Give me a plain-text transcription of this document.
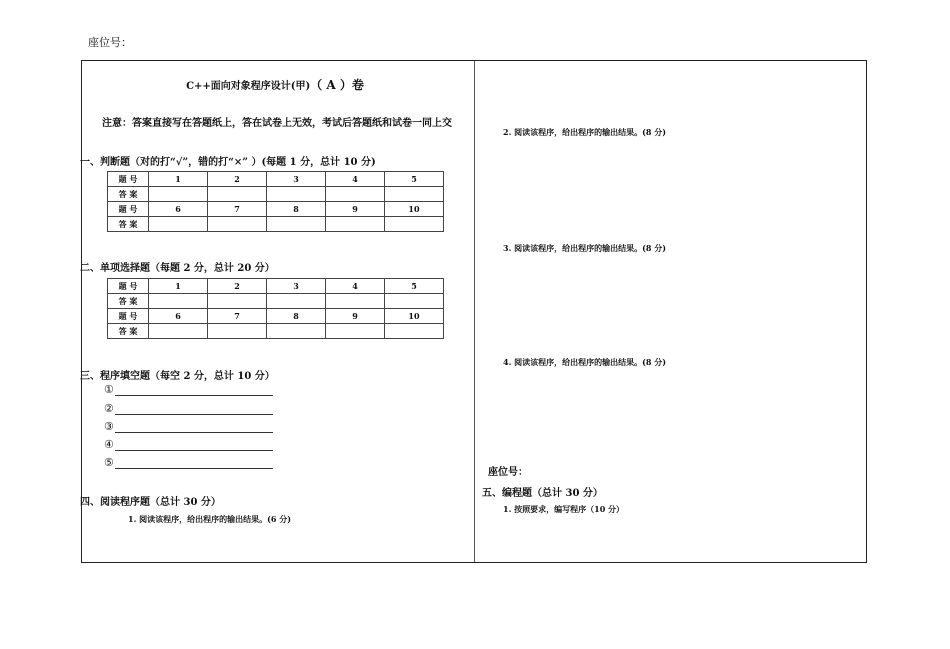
座位号：
C++面向对象程序设计(甲)（ A ）卷
注意：答案直接写在答题纸上，答在试卷上无效，考试后答题纸和试卷一同上交
一、判断题（对的打“√”，错的打“×” ）(每题 1 分，总计 10 分)
题 号	1	2	3	4	5
答 案					
题 号	6	7	8	9	10
答 案					
二、单项选择题（每题 2 分，总计 20 分）
题 号	1	2	3	4	5
答 案					
题 号	6	7	8	9	10
答 案					
三、程序填空题（每空 2 分，总计 10 分）
①
②
③
④
⑤
四、阅读程序题（总计 30 分）
1. 阅读该程序，给出程序的输出结果。(6 分)
2. 阅读该程序，给出程序的输出结果。(8 分)
3. 阅读该程序，给出程序的输出结果。(8 分)
4. 阅读该程序，给出程序的输出结果。(8 分)
座位号：
五、编程题（总计 30 分）
1. 按照要求，编写程序（10 分）
